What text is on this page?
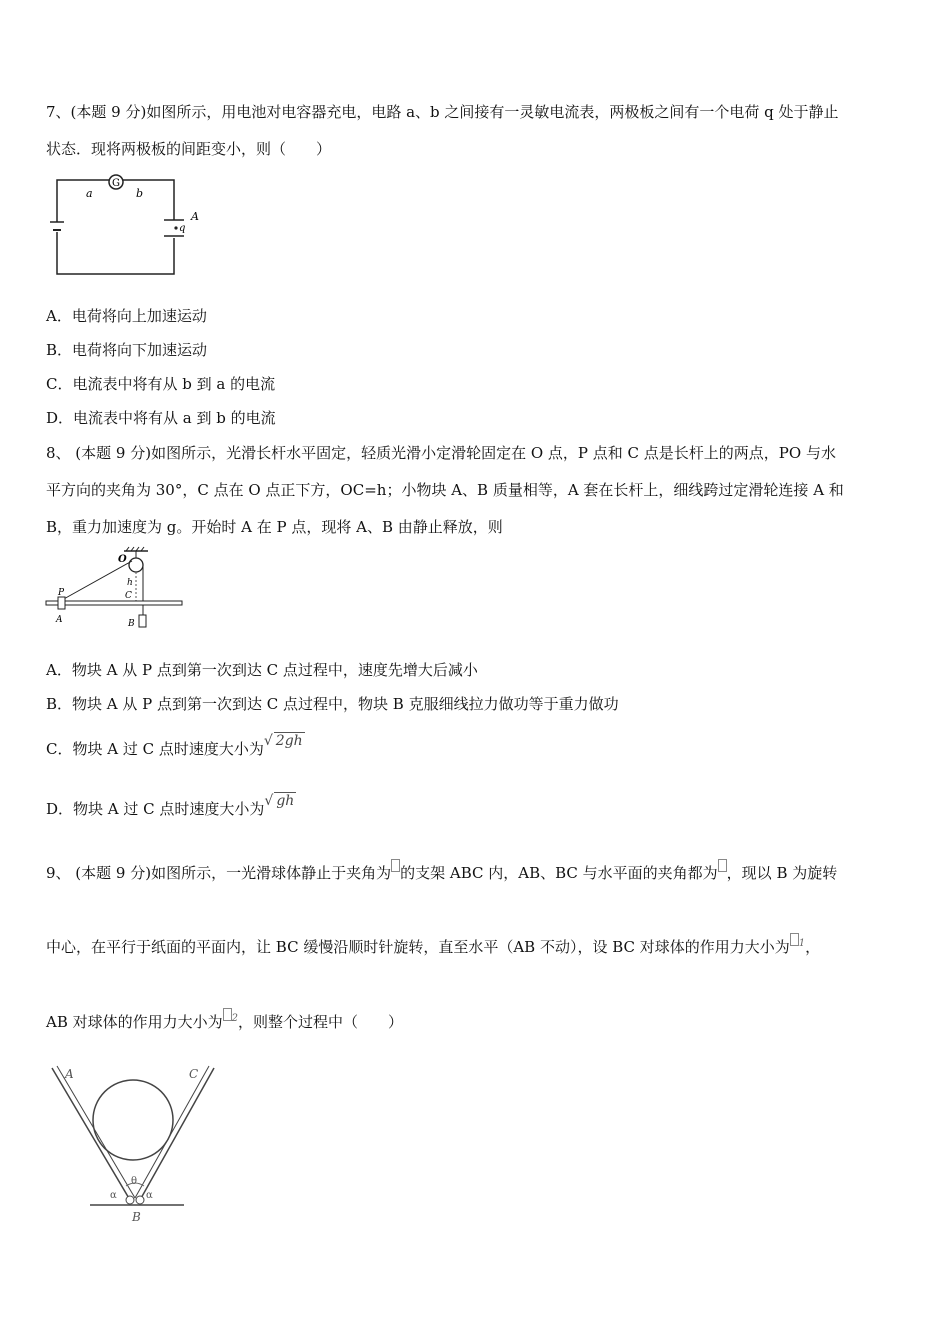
7、(本题 9 分)如图所示，用电池对电容器充电，电路 a、b 之间接有一灵敏电流表，两极板之间有一个电荷 q 处于静止
状态．现将两极板的间距变小，则（　　）
G
a	b
q
A
A．电荷将向上加速运动
B．电荷将向下加速运动
C．电流表中将有从 b 到 a 的电流
D．电流表中将有从 a 到 b 的电流
8、 (本题 9 分)如图所示，光滑长杆水平固定，轻质光滑小定滑轮固定在 O 点，P 点和 C 点是长杆上的两点，PO 与水
平方向的夹角为 30°，C 点在 O 点正下方，OC=h；小物块 A、B 质量相等，A 套在长杆上，细线跨过定滑轮连接 A 和
B，重力加速度为 g。开始时 A 在 P 点，现将 A、B 由静止释放，则
O
h
C
P
A	B
A．物块 A 从 P 点到第一次到达 C 点过程中，速度先增大后减小
B．物块 A 从 P 点到第一次到达 C 点过程中，物块 B 克服细线拉力做功等于重力做功
C．物块 A 过 C 点时速度大小为√ 2gh
D．物块 A 过 C 点时速度大小为√ gh
9、 (本题 9 分)如图所示，一光滑球体静止于夹角为 的支架 ABC 内，AB、BC 与水平面的夹角都为 ，现以 B 为旋转
中心，在平行于纸面的平面内，让 BC 缓慢沿顺时针旋转，直至水平（AB 不动），设 BC 对球体的作用力大小为 $^1$，
AB 对球体的作用力大小为 $^2$，则整个过程中（　　）
A	C
θ
α	α
B
